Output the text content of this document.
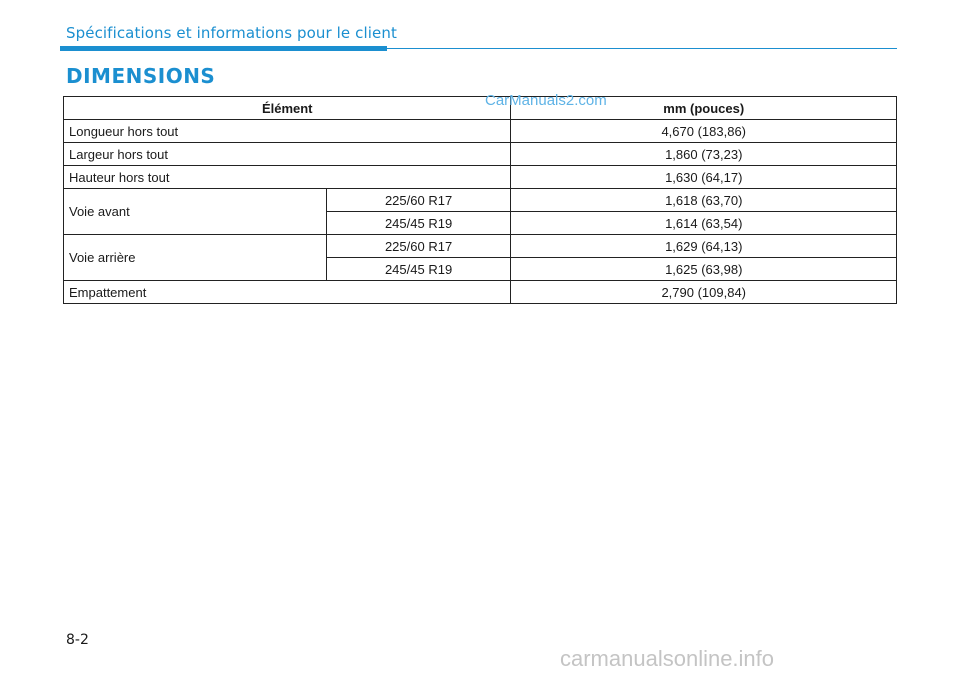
Spécifications et informations pour le client
DIMENSIONS
Élément		mm (pouces)
Longueur hors tout		4,670 (183,86)
Largeur hors tout		1,860 (73,23)
Hauteur hors tout		1,630 (64,17)
Voie avant	225/60 R17	1,618 (63,70)
	245/45 R19	1,614 (63,54)
Voie arrière	225/60 R17	1,629 (64,13)
	245/45 R19	1,625 (63,98)
Empattement		2,790 (109,84)
CarManuals2.com
8-2
carmanualsonline.info
